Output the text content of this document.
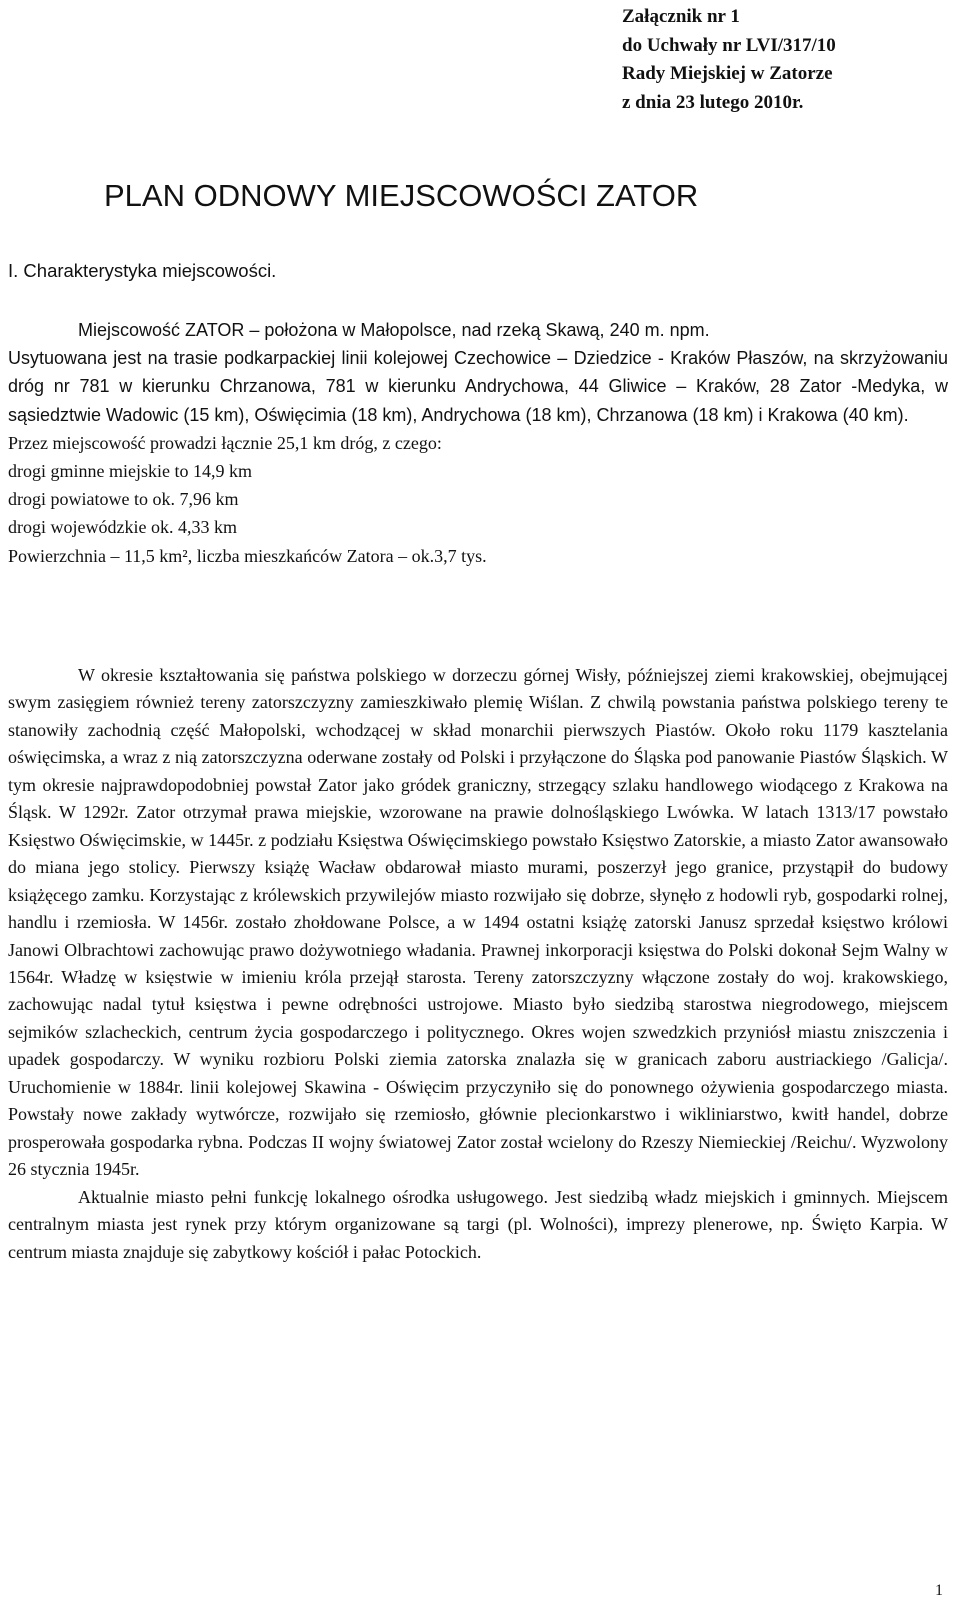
Załącznik nr 1
do Uchwały nr LVI/317/10
Rady Miejskiej w Zatorze
z dnia 23 lutego 2010r.
PLAN ODNOWY MIEJSCOWOŚCI ZATOR
I. Charakterystyka miejscowości.

Miejscowość ZATOR – położona w Małopolsce, nad rzeką Skawą, 240 m. npm.

Usytuowana jest na trasie podkarpackiej linii kolejowej Czechowice – Dziedzice - Kraków Płaszów, na skrzyżowaniu dróg nr 781 w kierunku Chrzanowa, 781 w kierunku Andrychowa, 44 Gliwice – Kraków, 28 Zator -Medyka, w sąsiedztwie Wadowic (15 km), Oświęcimia (18 km), Andrychowa (18 km), Chrzanowa (18 km) i Krakowa (40 km).

Przez miejscowość prowadzi łącznie 25,1 km dróg, z czego:

drogi gminne miejskie to 14,9 km

drogi powiatowe to ok. 7,96 km

drogi wojewódzkie ok. 4,33 km

Powierzchnia – 11,5 km², liczba mieszkańców Zatora – ok.3,7 tys.

W okresie kształtowania się państwa polskiego w dorzeczu górnej Wisły, późniejszej ziemi krakowskiej, obejmującej swym zasięgiem również tereny zatorszczyzny zamieszkiwało plemię Wiślan. Z chwilą powstania państwa polskiego tereny te stanowiły zachodnią część Małopolski, wchodzącej w skład monarchii pierwszych Piastów. Około roku 1179 kasztelania oświęcimska, a wraz z nią zatorszczyzna oderwane zostały od Polski i przyłączone do Śląska pod panowanie Piastów Śląskich. W tym okresie najprawdopodobniej powstał Zator jako gródek graniczny, strzegący szlaku handlowego wiodącego z Krakowa na Śląsk. W 1292r. Zator otrzymał prawa miejskie, wzorowane na prawie dolnośląskiego Lwówka. W latach 1313/17 powstało Księstwo Oświęcimskie, w 1445r. z podziału Księstwa Oświęcimskiego powstało Księstwo Zatorskie, a miasto Zator awansowało do miana jego stolicy. Pierwszy książę Wacław obdarował miasto murami, poszerzył jego granice, przystąpił do budowy książęcego zamku. Korzystając z królewskich przywilejów miasto rozwijało się dobrze, słynęło z hodowli ryb, gospodarki rolnej, handlu i rzemiosła. W 1456r. zostało zhołdowane Polsce, a w 1494 ostatni książę zatorski Janusz sprzedał księstwo królowi Janowi Olbrachtowi zachowując prawo dożywotniego władania. Prawnej inkorporacji księstwa do Polski dokonał Sejm Walny w 1564r. Władzę w księstwie w imieniu króla przejął starosta. Tereny zatorszczyzny włączone zostały do woj. krakowskiego, zachowując nadal tytuł księstwa i pewne odrębności ustrojowe. Miasto było siedzibą starostwa niegrodowego, miejscem sejmików szlacheckich, centrum życia gospodarczego i politycznego. Okres wojen szwedzkich przyniósł miastu zniszczenia i upadek gospodarczy. W wyniku rozbioru Polski ziemia zatorska znalazła się w granicach zaboru austriackiego /Galicja/. Uruchomienie w 1884r. linii kolejowej Skawina - Oświęcim przyczyniło się do ponownego ożywienia gospodarczego miasta. Powstały nowe zakłady wytwórcze, rozwijało się rzemiosło, głównie plecionkarstwo i wikliniarstwo, kwitł handel, dobrze prosperowała gospodarka rybna. Podczas II wojny światowej Zator został wcielony do Rzeszy Niemieckiej /Reichu/. Wyzwolony 26 stycznia 1945r.

Aktualnie miasto pełni funkcję lokalnego ośrodka usługowego. Jest siedzibą władz miejskich i gminnych. Miejscem centralnym miasta jest rynek przy którym organizowane są targi (pl. Wolności), imprezy plenerowe, np. Święto Karpia. W centrum miasta znajduje się zabytkowy kościół i pałac Potockich.

1
